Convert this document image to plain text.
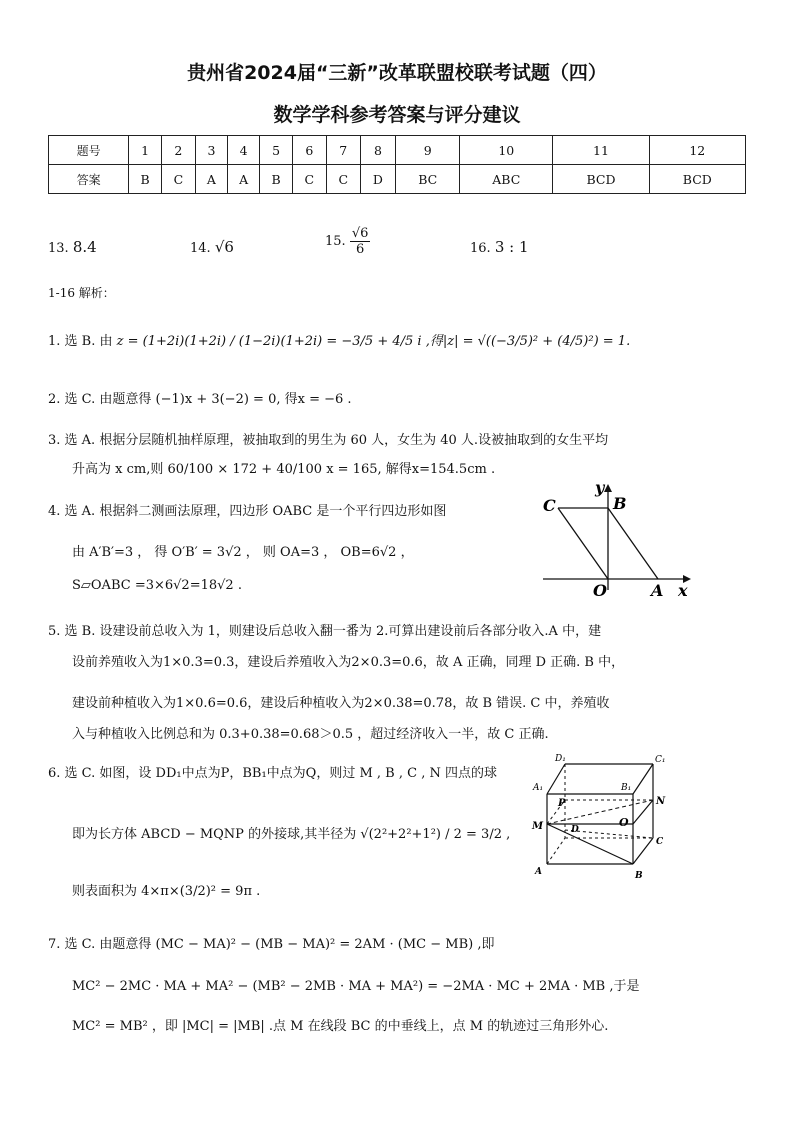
贵州省2024届“三新”改革联盟校联考试题（四）
数学学科参考答案与评分建议
题号	1	2	3	4	5	6	7	8	9	10	11	12
答案	B	C	A	A	B	C	C	D	BC	ABC	BCD	BCD
13. 8.4	14. √6	15. $\frac{√6}{6}$	16. 3 : 1
1-16 解析：
1. 选 B. 由 z = (1+2i)(1+2i) / (1−2i)(1+2i) = −3/5 + 4/5 i ,得|z| = √((−3/5)² + (4/5)²) = 1.
2. 选 C. 由题意得 (−1)x + 3(−2) = 0, 得x = −6 .
3. 选 A. 根据分层随机抽样原理，被抽取到的男生为 60 人，女生为 40 人.设被抽取到的女生平均
升高为 x cm,则 60/100 × 172 + 40/100 x = 165, 解得x=154.5cm .
4. 选 A. 根据斜二测画法原理，四边形 OABC 是一个平行四边形如图
由 A′B′=3 ， 得 O′B′ = 3√2 ， 则 OA=3 ， OB=6√2 ，
S▱OABC =3×6√2=18√2 .
C
y
B
O	A x
5. 选 B. 设建设前总收入为 1，则建设后总收入翻一番为 2.可算出建设前后各部分收入.A 中，建
设前养殖收入为1×0.3=0.3，建设后养殖收入为2×0.3=0.6，故 A 正确，同理 D 正确. B 中，
建设前种植收入为1×0.6=0.6，建设后种植收入为2×0.38=0.78，故 B 错误. C 中，养殖收
入与种植收入比例总和为 0.3+0.38=0.68＞0.5 ，超过经济收入一半，故 C 正确.
6. 选 C. 如图，设 DD₁中点为P，BB₁中点为Q，则过 M , B , C , N 四点的球
即为长方体 ABCD − MQNP 的外接球,其半径为 √(2²+2²+1²) / 2 = 3/2 ,
则表面积为 4×π×(3/2)² = 9π .
D₁	C₁
A₁	B₁
P	N
M	D
O
C
A	B
7. 选 C. 由题意得 (MC − MA)² − (MB − MA)² = 2AM · (MC − MB) ,即
MC² − 2MC · MA + MA² − (MB² − 2MB · MA + MA²) = −2MA · MC + 2MA · MB ,于是
MC² = MB² ，即 |MC| = |MB| .点 M 在线段 BC 的中垂线上，点 M 的轨迹过三角形外心.
